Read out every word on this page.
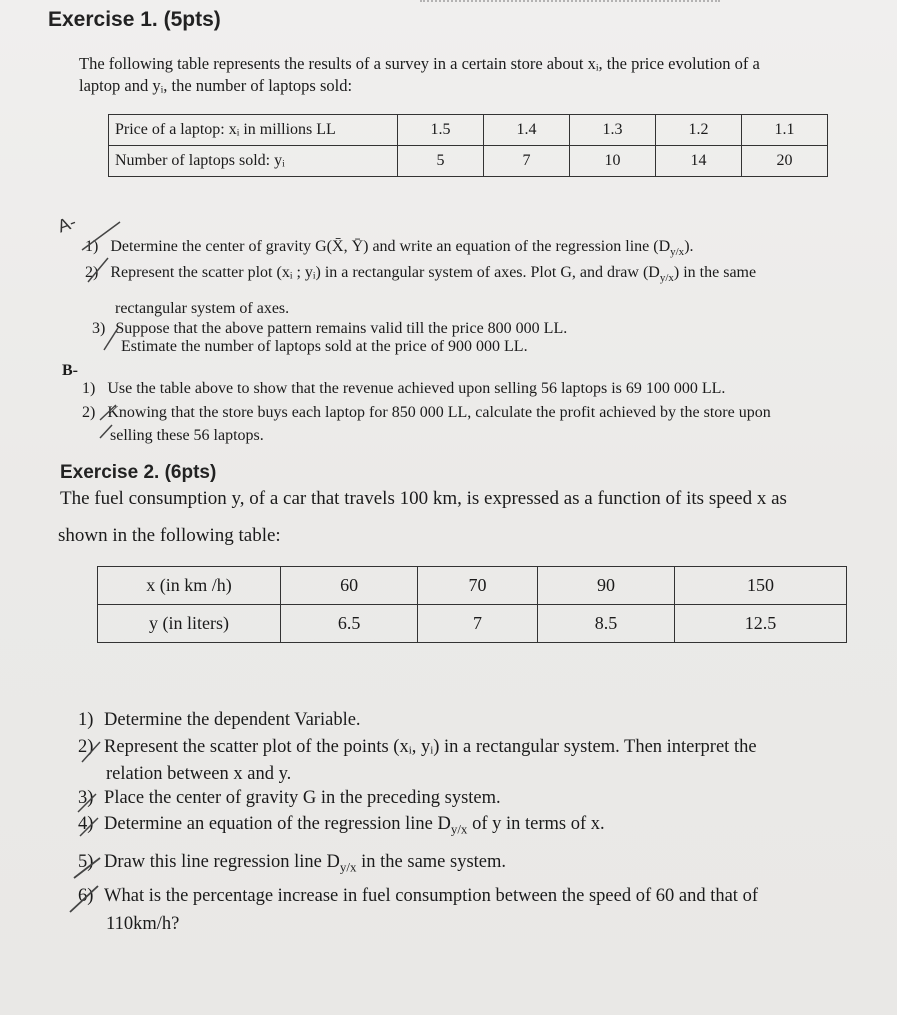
Exercise 1. (5pts)
The following table represents the results of a survey in a certain store about xᵢ, the price evolution of a
laptop and yᵢ, the number of laptops sold:
Price of a laptop: xᵢ in millions LL	1.5	1.4	1.3	1.2	1.1
Number of laptops sold: yᵢ	5	7	10	14	20
A-
1) Determine the center of gravity G(X̄, Ȳ) and write an equation of the regression line $(D_{y/x})$.
2) Represent the scatter plot (xᵢ ; yᵢ) in a rectangular system of axes. Plot G, and draw $(D_{y/x})$ in the same
rectangular system of axes.
3) Suppose that the above pattern remains valid till the price 800 000 LL.
Estimate the number of laptops sold at the price of 900 000 LL.
B-
1) Use the table above to show that the revenue achieved upon selling 56 laptops is 69 100 000 LL.
2) Knowing that the store buys each laptop for 850 000 LL, calculate the profit achieved by the store upon
selling these 56 laptops.
Exercise 2. (6pts)
The fuel consumption y, of a car that travels 100 km, is expressed as a function of its speed x as
shown in the following table:
x (in km /h)	60	70	90	150
y (in liters)	6.5	7	8.5	12.5
1) Determine the dependent Variable.
2) Represent the scatter plot of the points (xᵢ, yᵢ) in a rectangular system. Then interpret the
relation between x and y.
3) Place the center of gravity G in the preceding system.
4) Determine an equation of the regression line $D_{y/x}$ of y in terms of x.
5) Draw this line regression line $D_{y/x}$ in the same system.
6) What is the percentage increase in fuel consumption between the speed of 60 and that of
110km/h?
